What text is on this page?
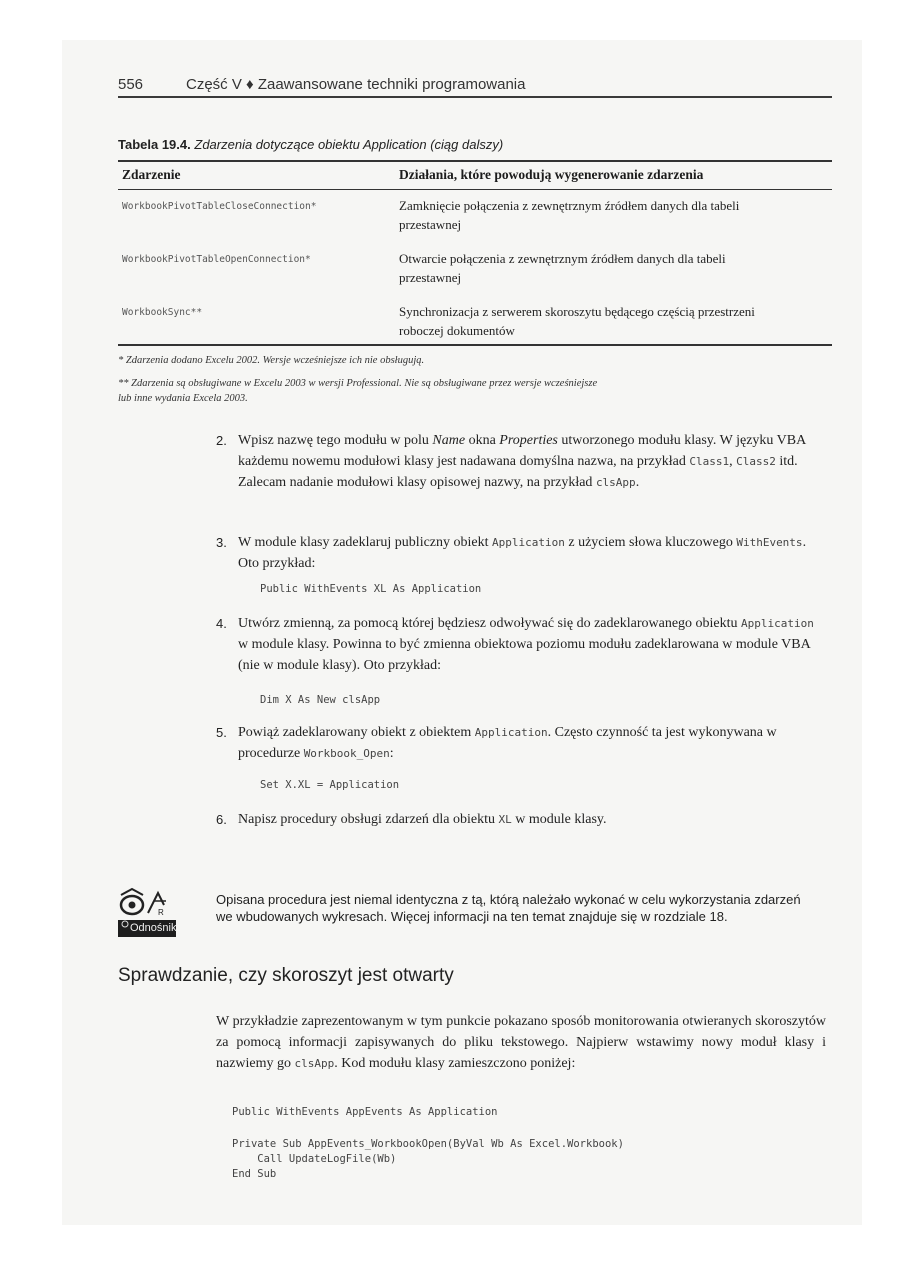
556	Część V ♦ Zaawansowane techniki programowania
Tabela 19.4. Zdarzenia dotyczące obiektu Application (ciąg dalszy)
Zdarzenie	Działania, które powodują wygenerowanie zdarzenia
WorkbookPivotTableCloseConnection*	Zamknięcie połączenia z zewnętrznym źródłem danych dla tabeli
przestawnej
WorkbookPivotTableOpenConnection*	Otwarcie połączenia z zewnętrznym źródłem danych dla tabeli
przestawnej
WorkbookSync**	Synchronizacja z serwerem skoroszytu będącego częścią przestrzeni
roboczej dokumentów
* Zdarzenia dodano Excelu 2002. Wersje wcześniejsze ich nie obsługują.
** Zdarzenia są obsługiwane w Excelu 2003 w wersji Professional. Nie są obsługiwane przez wersje wcześniejsze
lub inne wydania Excela 2003.
2. Wpisz nazwę tego modułu w polu Name okna Properties utworzonego modułu klasy. W języku VBA każdemu nowemu modułowi klasy jest nadawana domyślna nazwa, na przykład Class1, Class2 itd. Zalecam nadanie modułowi klasy opisowej nazwy, na przykład clsApp.
3. W module klasy zadeklaruj publiczny obiekt Application z użyciem słowa kluczowego WithEvents. Oto przykład:
Public WithEvents XL As Application
4. Utwórz zmienną, za pomocą której będziesz odwoływać się do zadeklarowanego obiektu Application w module klasy. Powinna to być zmienna obiektowa poziomu modułu zadeklarowana w module VBA (nie w module klasy). Oto przykład:
Dim X As New clsApp
5. Powiąż zadeklarowany obiekt z obiektem Application. Często czynność ta jest wykonywana w procedurze Workbook_Open:
Set X.XL = Application
6. Napisz procedury obsługi zdarzeń dla obiektu XL w module klasy.
R
Odnośnik
Opisana procedura jest niemal identyczna z tą, którą należało wykonać w celu wykorzystania zdarzeń we wbudowanych wykresach. Więcej informacji na ten temat znajduje się w rozdziale 18.
Sprawdzanie, czy skoroszyt jest otwarty
W przykładzie zaprezentowanym w tym punkcie pokazano sposób monitorowania otwieranych skoroszytów za pomocą informacji zapisywanych do pliku tekstowego. Najpierw wstawimy nowy moduł klasy i nazwiemy go clsApp. Kod modułu klasy zamieszczono poniżej:
Public WithEvents AppEvents As Application
Private Sub AppEvents_WorkbookOpen(ByVal Wb As Excel.Workbook)
Call UpdateLogFile(Wb)
End Sub
